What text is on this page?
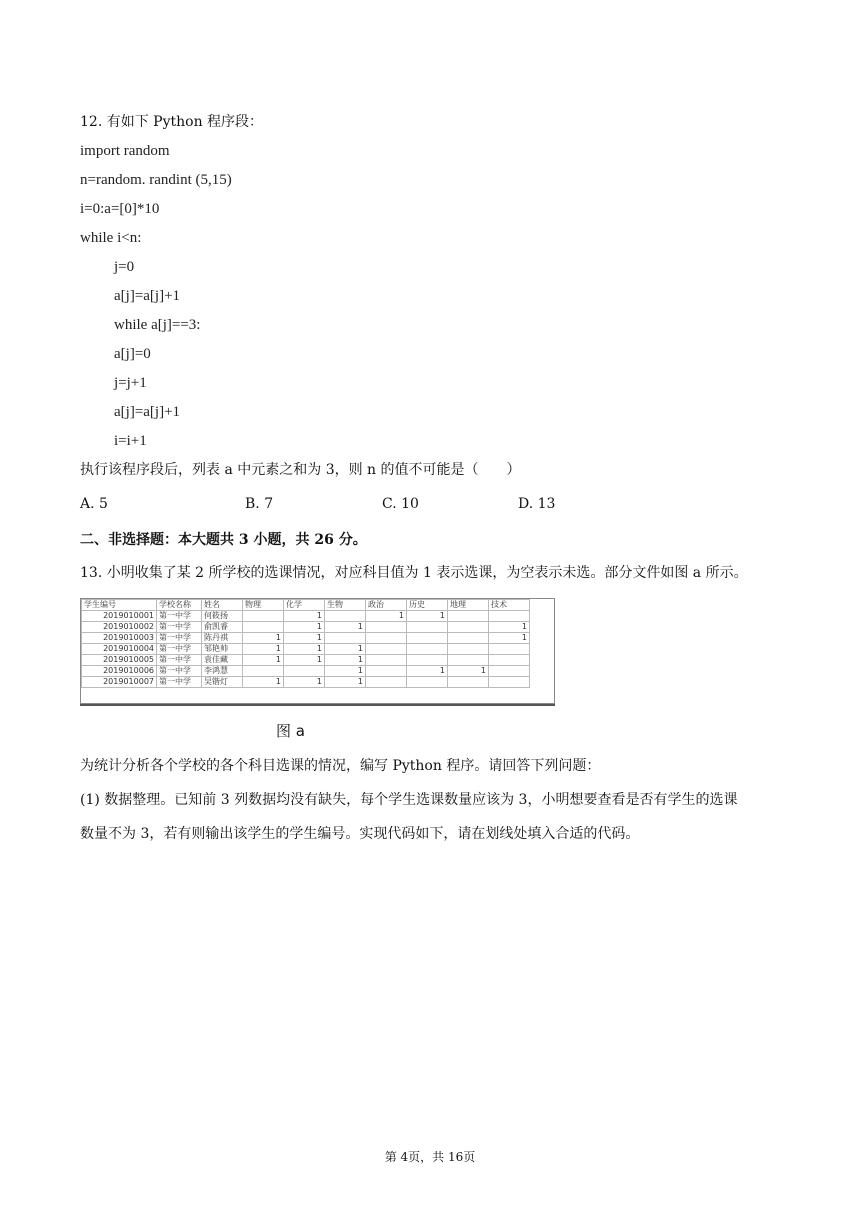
12. 有如下 Python 程序段：
import random
n=random. randint (5,15)
i=0:a=[0]*10
while i<n:
j=0
a[j]=a[j]+1
while a[j]==3:
a[j]=0
j=j+1
a[j]=a[j]+1
i=i+1
执行该程序段后，列表 a 中元素之和为 3，则 n 的值不可能是（　　）
A. 5	B. 7	C. 10	D. 13
二、非选择题：本大题共 3 小题，共 26 分。
13. 小明收集了某 2 所学校的选课情况，对应科目值为 1 表示选课，为空表示未选。部分文件如图 a 所示。
学生编号	学校名称	姓名	物理	化学	生物	政治	历史	地理	技术
2019010001	第一中学	何筱扬		1		1	1		
2019010002	第一中学	俞凯睿		1	1				1
2019010003	第一中学	陈丹祺	1	1					1
2019010004	第一中学	邹艳帅	1	1	1				
2019010005	第一中学	袁佳藏	1	1	1				
2019010006	第一中学	李鸿慧			1		1	1	
2019010007	第一中学	吴锴灯	1	1	1				
图 a
为统计分析各个学校的各个科目选课的情况，编写 Python 程序。请回答下列问题：
(1) 数据整理。已知前 3 列数据均没有缺失，每个学生选课数量应该为 3，小明想要查看是否有学生的选课
数量不为 3，若有则输出该学生的学生编号。实现代码如下，请在划线处填入合适的代码。
第 4页，共 16页
